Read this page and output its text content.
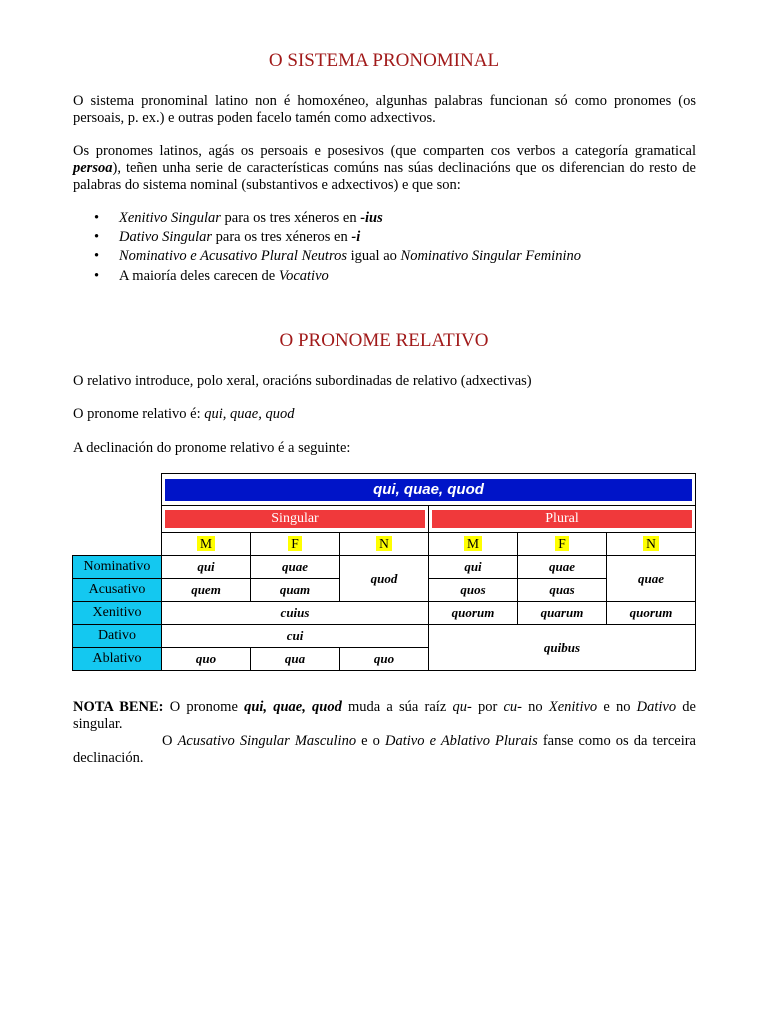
O SISTEMA PRONOMINAL

O sistema pronominal latino non é homoxéneo, algunhas palabras funcionan só como pronomes (os persoais, p. ex.) e outras poden facelo tamén como adxectivos.

Os pronomes latinos, agás os persoais e posesivos (que comparten cos verbos a categoría gramatical persoa), teñen unha serie de características comúns nas súas declinacións que os diferencian do resto de palabras do sistema nominal (substantivos e adxectivos) e que son:

• Xenitivo Singular para os tres xéneros en -ius
• Dativo Singular para os tres xéneros en -i
• Nominativo e Acusativo Plural Neutros igual ao Nominativo Singular Feminino
• A maioría deles carecen de Vocativo
O PRONOME RELATIVO

O relativo introduce, polo xeral, oracións subordinadas de relativo (adxectivas)

O pronome relativo é: qui, quae, quod

A declinación do pronome relativo é a seguinte:

	qui, quae, quod					

	Singular			Plural		

	M	F	N	M	F	N
Nominativo	qui	quae	quod	qui	quae	quae
Acusativo	quem	quam		quos	quas	
Xenitivo	cuius			quorum	quarum	quorum
Dativo	cui			quibus		
Ablativo	quo	qua	quo			
NOTA BENE: O pronome qui, quae, quod muda a súa raíz qu- por cu- no Xenitivo e no Dativo de singular.
O Acusativo Singular Masculino e o Dativo e Ablativo Plurais fanse como os da terceira declinación.
